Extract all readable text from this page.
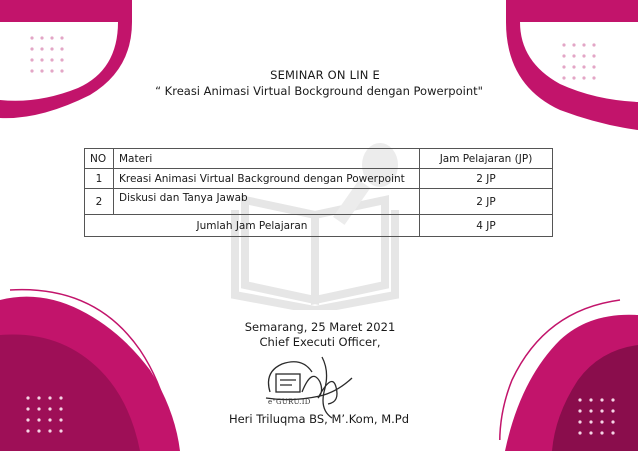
SEMINAR ON LIN E
“ Kreasi Animasi Virtual Bockground dengan Powerpoint"
NO	Materi	Jam Pelajaran (JP)
1	Kreasi Animasi Virtual Background dengan Powerpoint	2 JP
2	Diskusi dan Tanya Jawab	2 JP
Jumlah Jam Pelajaran		4 JP
Semarang, 25 Maret 2021
Chief Executi Officer,
e"GURU.ID
Heri Triluqma BS, M’.Kom, M.Pd
